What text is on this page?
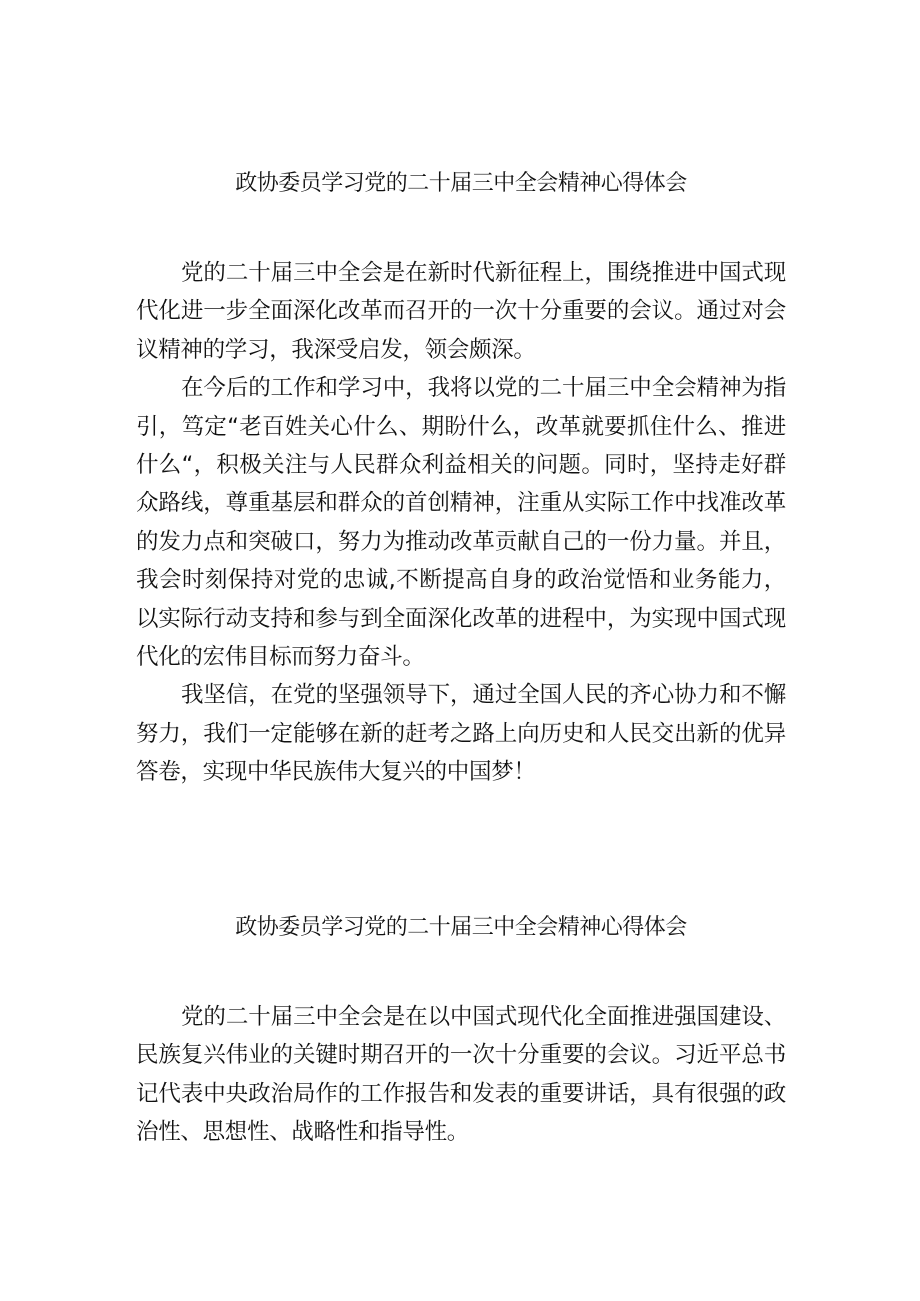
政协委员学习党的二十届三中全会精神心得体会

党的二十届三中全会是在新时代新征程上，围绕推进中国式现代化进一步全面深化改革而召开的一次十分重要的会议。通过对会议精神的学习，我深受启发，领会颇深。

在今后的工作和学习中，我将以党的二十届三中全会精神为指引，笃定“老百姓关心什么、期盼什么，改革就要抓住什么、推进什么“，积极关注与人民群众利益相关的问题。同时，坚持走好群众路线，尊重基层和群众的首创精神，注重从实际工作中找准改革的发力点和突破口，努力为推动改革贡献自己的一份力量。并且，我会时刻保持对党的忠诚,不断提高自身的政治觉悟和业务能力，以实际行动支持和参与到全面深化改革的进程中，为实现中国式现代化的宏伟目标而努力奋斗。

我坚信，在党的坚强领导下，通过全国人民的齐心协力和不懈努力，我们一定能够在新的赶考之路上向历史和人民交出新的优异答卷，实现中华民族伟大复兴的中国梦！

政协委员学习党的二十届三中全会精神心得体会

党的二十届三中全会是在以中国式现代化全面推进强国建设、民族复兴伟业的关键时期召开的一次十分重要的会议。习近平总书记代表中央政治局作的工作报告和发表的重要讲话，具有很强的政治性、思想性、战略性和指导性。
